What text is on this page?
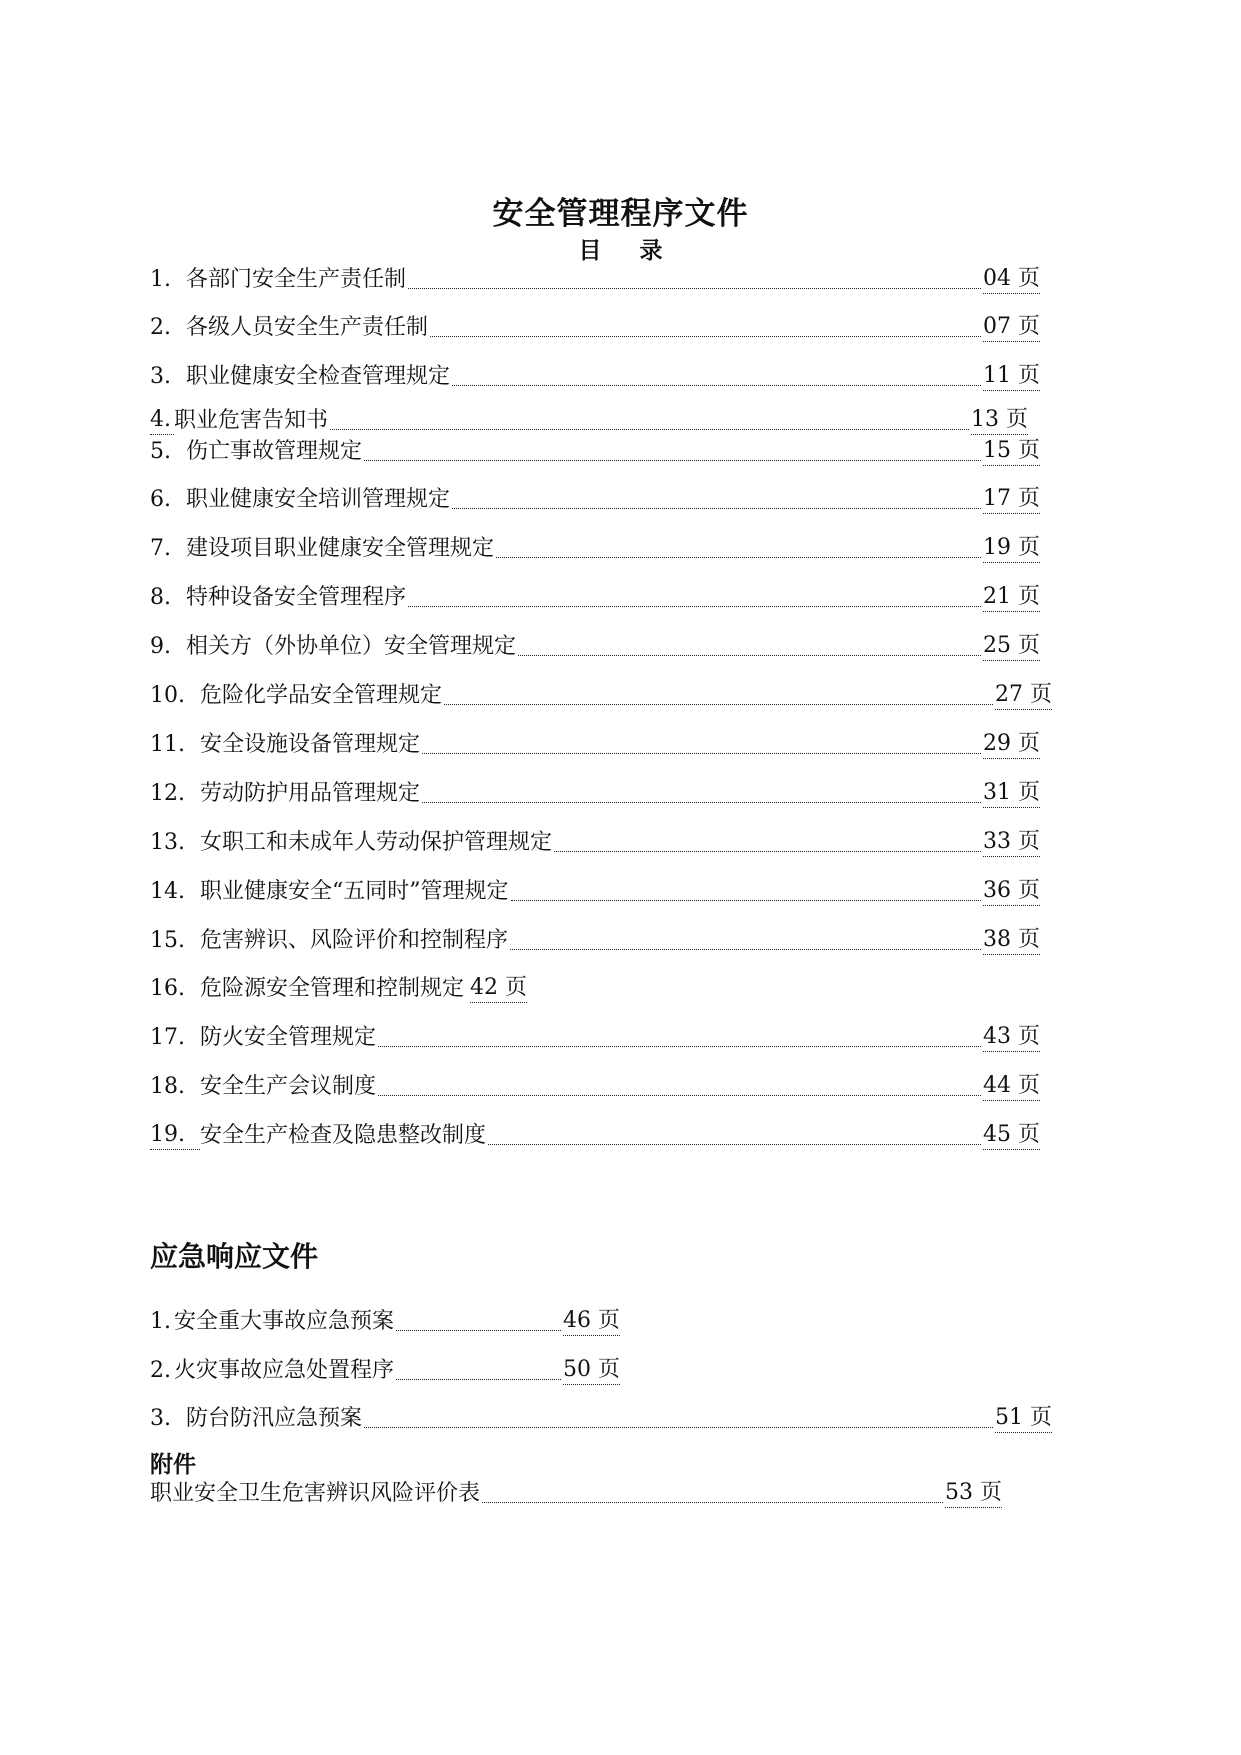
安全管理程序文件
目 录
1. 各部门安全生产责任制	04 页
2. 各级人员安全生产责任制	07 页
3. 职业健康安全检查管理规定	11 页
4. 职业危害告知书	13 页
5. 伤亡事故管理规定	15 页
6. 职业健康安全培训管理规定	17 页
7. 建设项目职业健康安全管理规定	19 页
8. 特种设备安全管理程序	21 页
9. 相关方（外协单位）安全管理规定	25 页
10. 危险化学品安全管理规定	27 页
11. 安全设施设备管理规定	29 页
12. 劳动防护用品管理规定	31 页
13. 女职工和未成年人劳动保护管理规定	33 页
14. 职业健康安全“五同时”管理规定	36 页
15. 危害辨识、风险评价和控制程序	38 页
16. 危险源安全管理和控制规定 42 页
17. 防火安全管理规定	43 页
18. 安全生产会议制度	44 页
19. 安全生产检查及隐患整改制度	45 页
应急响应文件
1. 安全重大事故应急预案	46 页
2. 火灾事故应急处置程序	50 页
3. 防台防汛应急预案	51 页
附件
职业安全卫生危害辨识风险评价表	53 页
